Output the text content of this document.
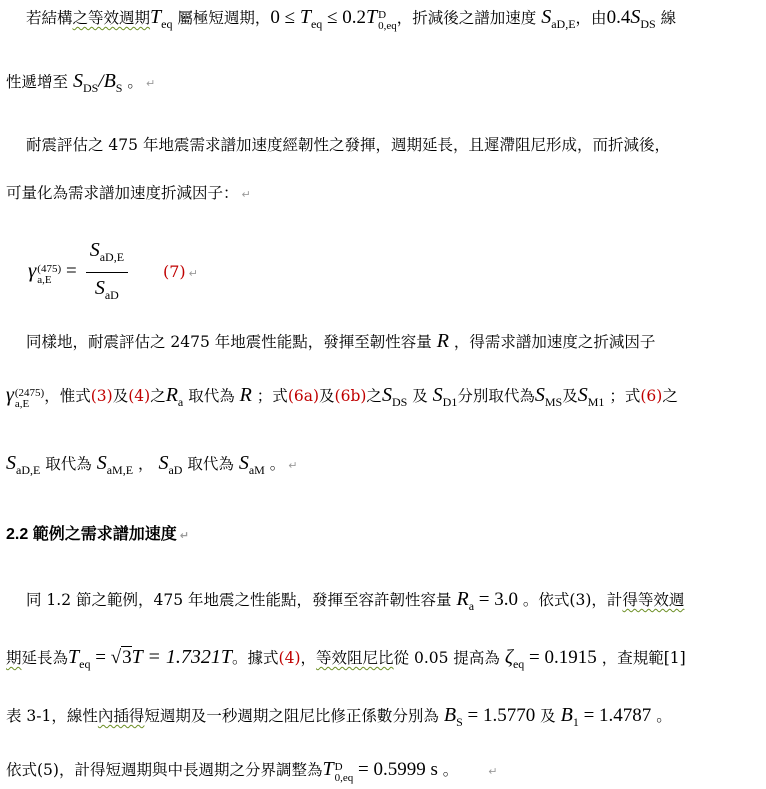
若結構之等效週期$T_{eq}$ 屬極短週期，$0 \le T_{eq} \le 0.2T$ D
0,eq ，折減後之譜加速度 $S_{aD,E}$，由$0.4S_{DS}$ 線
性遞增至 $S_{DS}/B_S$ 。 ↵
耐震評估之 475 年地震需求譜加速度經韌性之發揮，週期延長，且遲滯阻尼形成，而折減後，
可量化為需求譜加速度折減因子： ↵
γ (475)
$a,E = \frac{S_{aD,E}}{S_{aD}} (7)$ ↵
同樣地，耐震評估之 2475 年地震性能點，發揮至韌性容量 R ，得需求譜加速度之折減因子
γ (2475)
a,E ，惟式(3)及(4)之$R_a$ 取代為 R ；式(6a)及(6b)之$S_{DS}$ 及 $S_{D1}$分別取代為$S_{MS}$及$S_{M1}$ ；式(6)之
$S_{aD,E}$ 取代為 $S_{aM,E}$ ， $S_{aD}$ 取代為 $S_{aM}$ 。 ↵
2.2 範例之需求譜加速度 ↵
同 1.2 節之範例，475 年地震之性能點，發揮至容許韌性容量 $R_a = 3.0$ 。依式(3)，計得等效週
期延長為$T_{eq} = √3T = 1.7321T$。據式(4)，等效阻尼比從 0.05 提高為 $\zeta_{eq} = 0.1915$ ，查規範[1]
表 3-1，線性內插得短週期及一秒週期之阻尼比修正係數分別為 $B_S = 1.5770$ 及 $B_1 = 1.4787$ 。
依式(5)，計得短週期與中長週期之分界調整為T D
0,eq = 0.5999 s 。	↵
